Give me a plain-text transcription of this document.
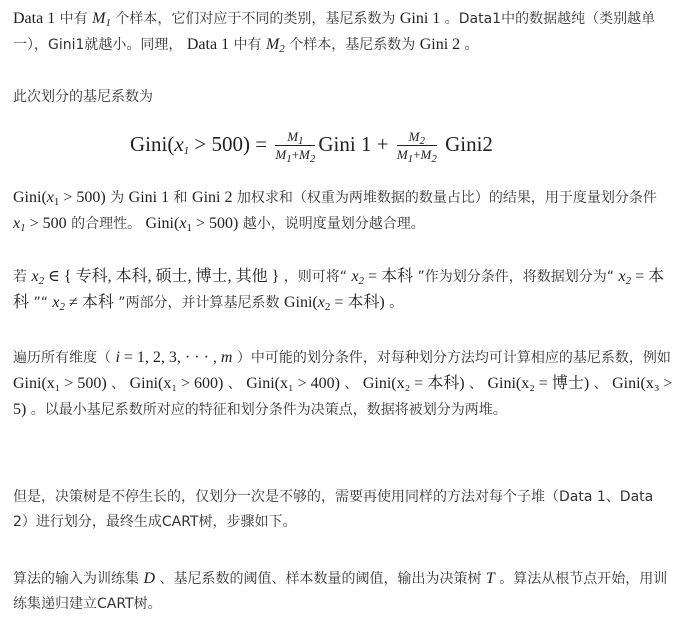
Data 1 中有 $M_1$ 个样本，它们对应于不同的类别，基尼系数为 Gini 1 。Data1中的数据越纯（类别越单一），Gini1就越小。同理， Data 1 中有 $M_2$ 个样本，基尼系数为 Gini 2 。

此次划分的基尼系数为

$Gini(x_1 > 500) = \frac{M_1}{M_1+M_2}$ Gini $1 + \frac{M_2}{M_1+M_2}$ Gini2

$Gini(x_1 > 500)$ 为 Gini 1 和 Gini 2 加权求和（权重为两堆数据的数量占比）的结果，用于度量划分条件 $x_1 > 500$ 的合理性。 $Gini(x_1 > 500)$ 越小，说明度量划分越合理。

若 $x_2$ ∈ { 专科, 本科, 硕士, 博士, 其他 } ，则可将“ $x_2$ = 本科 ”作为划分条件，将数据划分为“ $x_2$ = 本科 ”“ $x_2$ ≠ 本科 ”两部分，并计算基尼系数 $Gini(x_2$ = 本科) 。

遍历所有维度（ i = 1, 2, 3, · · · , m ）中可能的划分条件，对每种划分方法均可计算相应的基尼系数，例如 Gini(x₁ > 500) 、 Gini(x₁ > 600) 、 Gini(x₁ > 400) 、 Gini(x₂ = 本科) 、 Gini(x₂ = 博士) 、 Gini(x₃ > 5) 。以最小基尼系数所对应的特征和划分条件为决策点，数据将被划分为两堆。

但是，决策树是不停生长的，仅划分一次是不够的，需要再使用同样的方法对每个子堆（Data 1、Data 2）进行划分，最终生成CART树，步骤如下。

算法的输入为训练集 D 、基尼系数的阈值、样本数量的阈值，输出为决策树 T 。算法从根节点开始，用训练集递归建立CART树。
